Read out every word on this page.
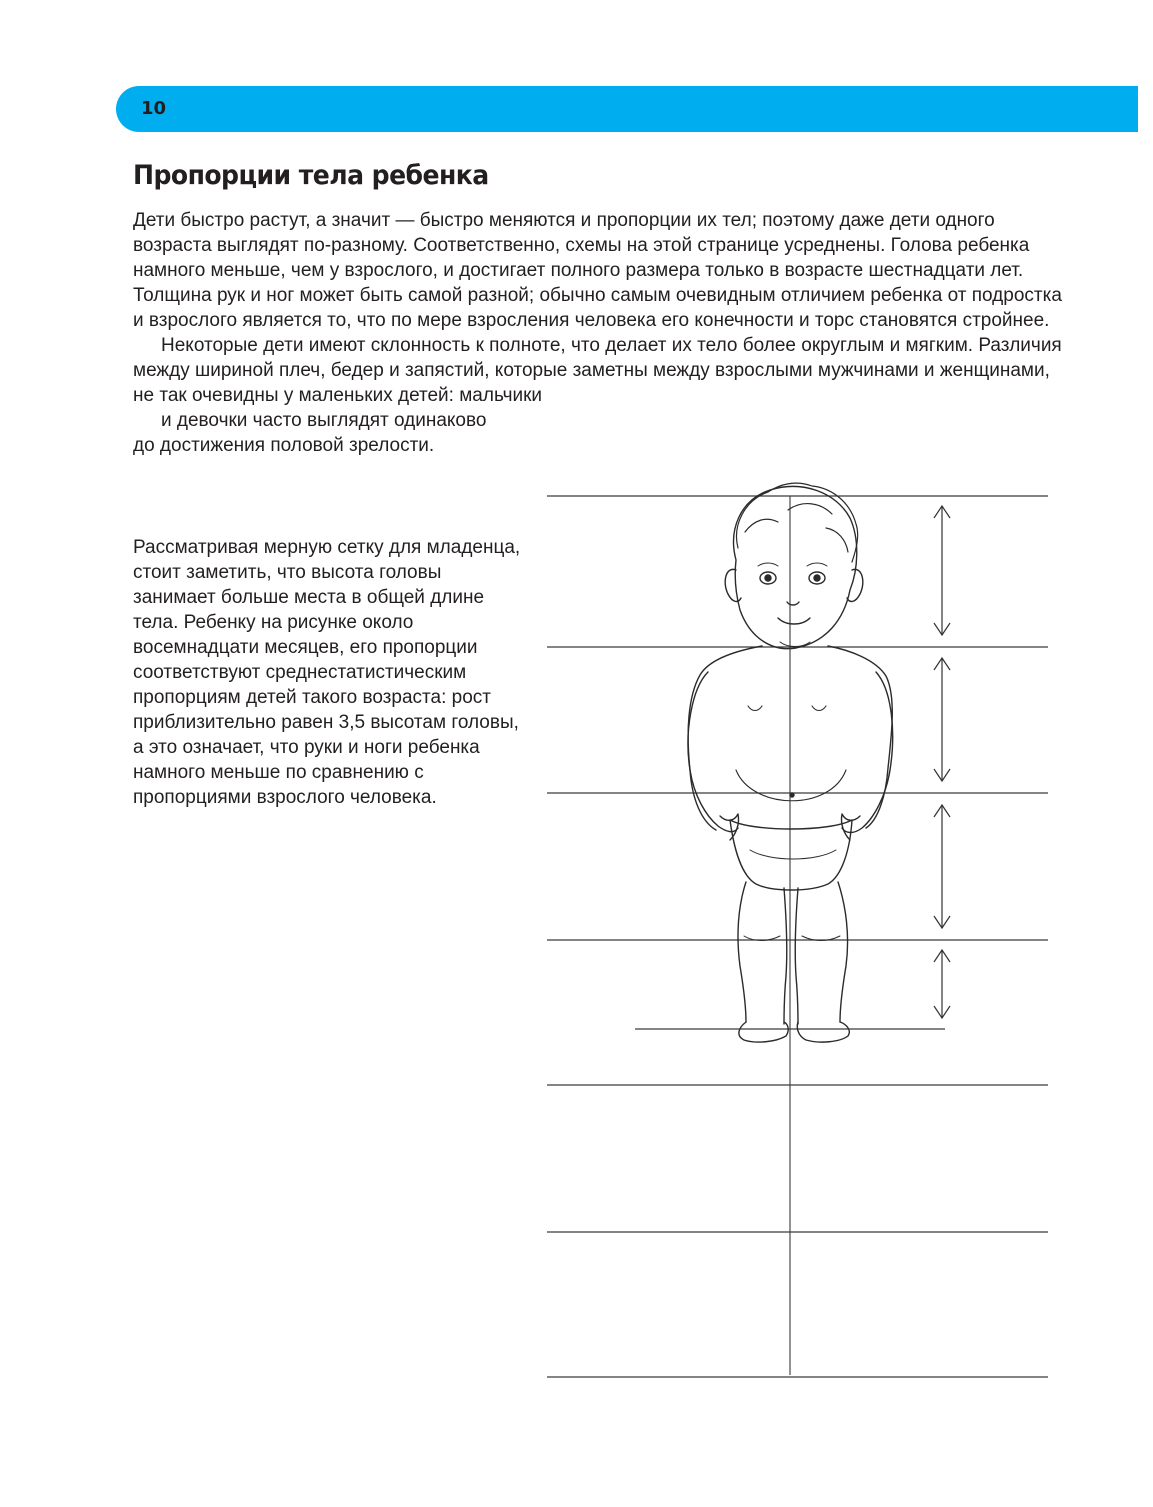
10
Пропорции тела ребенка

Дети быстро растут, а значит — быстро меняются и пропорции их тел; поэтому даже дети одного возраста выглядят по-разному. Соответственно, схемы на этой странице усреднены. Голова ребенка намного меньше, чем у взрослого, и достигает полного размера только в возрасте шестнадцати лет. Толщина рук и ног может быть самой разной; обычно самым очевидным отличием ребенка от подростка и взрослого является то, что по мере взросления человека его конечности и торс становятся стройнее.

Некоторые дети имеют склонность к полноте, что делает их тело более округлым и мягким. Различия между шириной плеч, бедер и запястий, которые заметны между взрослыми мужчинами и женщинами, не так очевидны у маленьких детей: мальчики
и девочки часто выглядят одинаково до достижения половой зрелости.

Рассматривая мерную сетку для младенца, стоит заметить, что высота головы занимает больше места в общей длине тела. Ребенку на рисунке около восемнадцати месяцев, его пропорции соответствуют среднестатистическим пропорциям детей такого возраста: рост приблизительно равен 3,5 высотам головы, а это означает, что руки и ноги ребенка намного меньше по сравнению с пропорциями взрослого человека.
